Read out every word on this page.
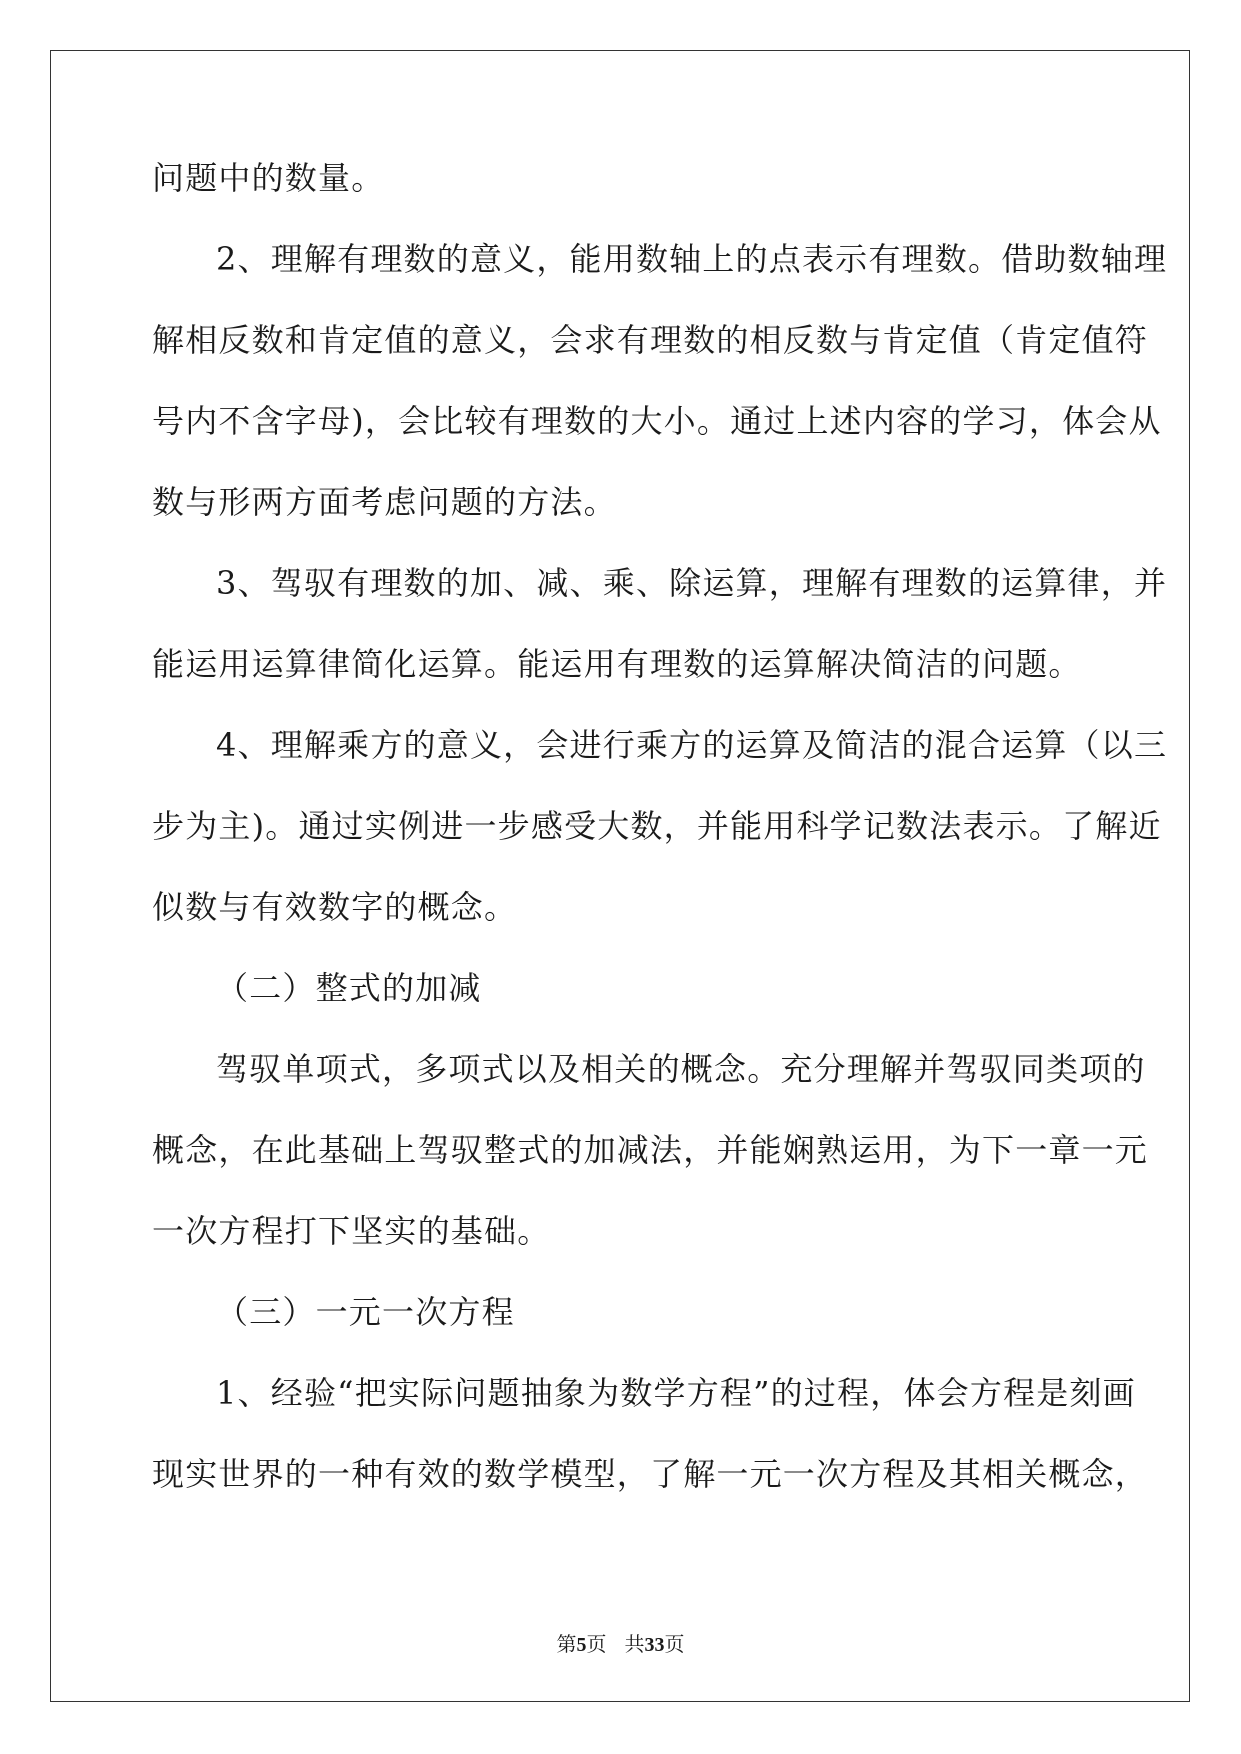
问题中的数量。
2、理解有理数的意义，能用数轴上的点表示有理数。借助数轴理
解相反数和肯定值的意义，会求有理数的相反数与肯定值（肯定值符
号内不含字母)，会比较有理数的大小。通过上述内容的学习，体会从
数与形两方面考虑问题的方法。
3、驾驭有理数的加、减、乘、除运算，理解有理数的运算律，并
能运用运算律简化运算。能运用有理数的运算解决简洁的问题。
4、理解乘方的意义，会进行乘方的运算及简洁的混合运算（以三
步为主)。通过实例进一步感受大数，并能用科学记数法表示。了解近
似数与有效数字的概念。
（二）整式的加减
驾驭单项式，多项式以及相关的概念。充分理解并驾驭同类项的
概念，在此基础上驾驭整式的加减法，并能娴熟运用，为下一章一元
一次方程打下坚实的基础。
（三）一元一次方程
1、经验“把实际问题抽象为数学方程”的过程，体会方程是刻画
现实世界的一种有效的数学模型，了解一元一次方程及其相关概念，
第5页 共33页
